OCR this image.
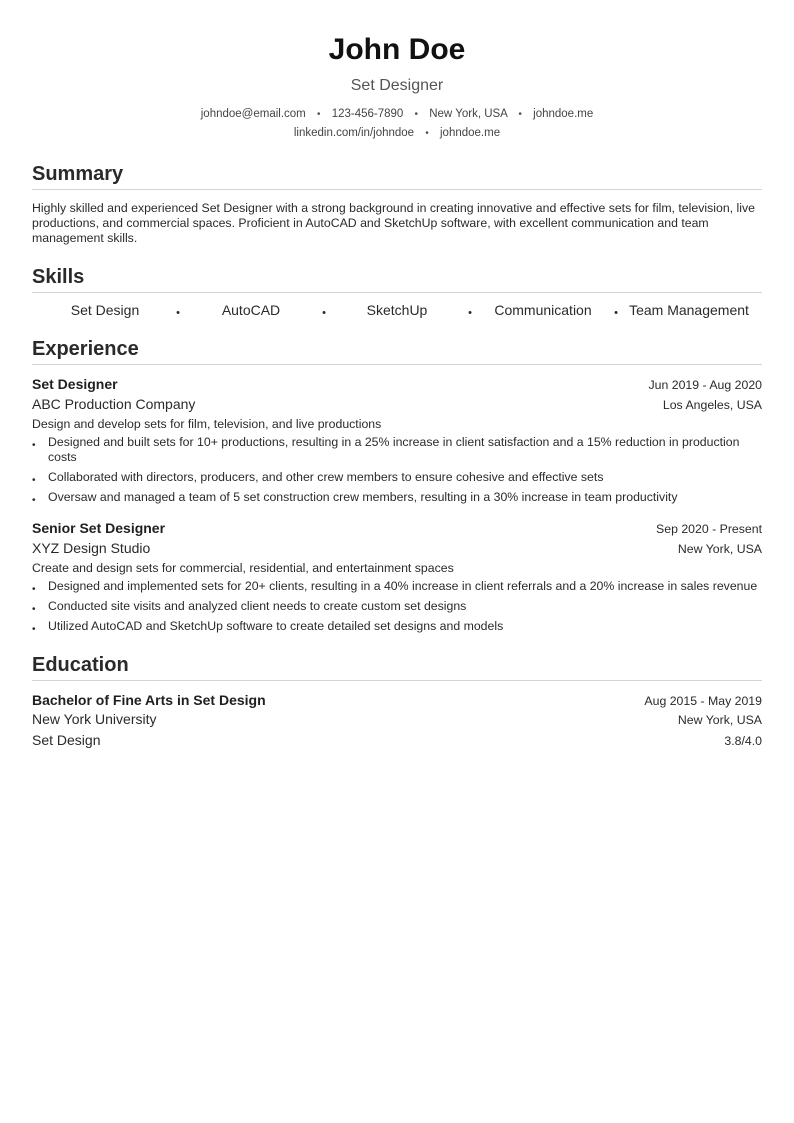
John Doe
Set Designer
johndoe@email.com • 123-456-7890 • New York, USA • johndoe.me
linkedin.com/in/johndoe • johndoe.me
Summary
Highly skilled and experienced Set Designer with a strong background in creating innovative and effective sets for film, television, live productions, and commercial spaces. Proficient in AutoCAD and SketchUp software, with excellent communication and team management skills.
Skills
Set Design	•	AutoCAD	•	SketchUp	•	Communication	• Team Management
Experience
Set Designer	Jun 2019 - Aug 2020
ABC Production Company	Los Angeles, USA
Design and develop sets for film, television, and live productions
• Designed and built sets for 10+ productions, resulting in a 25% increase in client satisfaction and a 15% reduction in production costs
• Collaborated with directors, producers, and other crew members to ensure cohesive and effective sets
• Oversaw and managed a team of 5 set construction crew members, resulting in a 30% increase in team productivity
Senior Set Designer	Sep 2020 - Present
XYZ Design Studio	New York, USA
Create and design sets for commercial, residential, and entertainment spaces
• Designed and implemented sets for 20+ clients, resulting in a 40% increase in client referrals and a 20% increase in sales revenue
• Conducted site visits and analyzed client needs to create custom set designs
• Utilized AutoCAD and SketchUp software to create detailed set designs and models
Education
Bachelor of Fine Arts in Set Design	Aug 2015 - May 2019
New York University	New York, USA
Set Design	3.8/4.0
